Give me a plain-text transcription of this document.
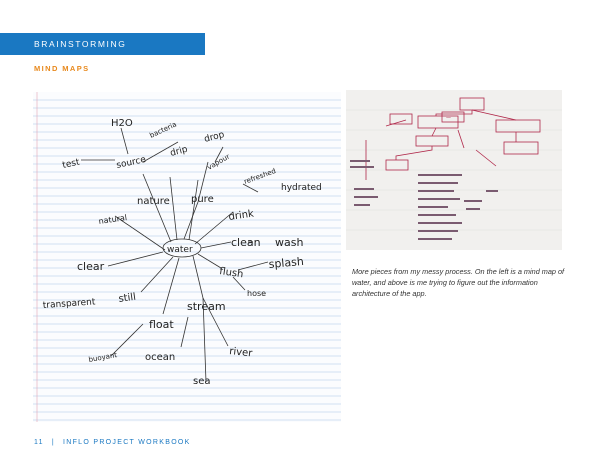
BRAINSTORMING
MIND MAPS
H2O bacteria
test	source
drip
drop
vapour
refreshed
hydrated
nature pure
natural	drink
clean wash
clear	flush
splash
hose
transparent still
stream
float
ocean	river
buoyant
sea
water
—
More pieces from my messy process. On the left is a mind map of water, and above is me trying to figure out the information architecture of the app.
11 | INFLO PROJECT WORKBOOK
